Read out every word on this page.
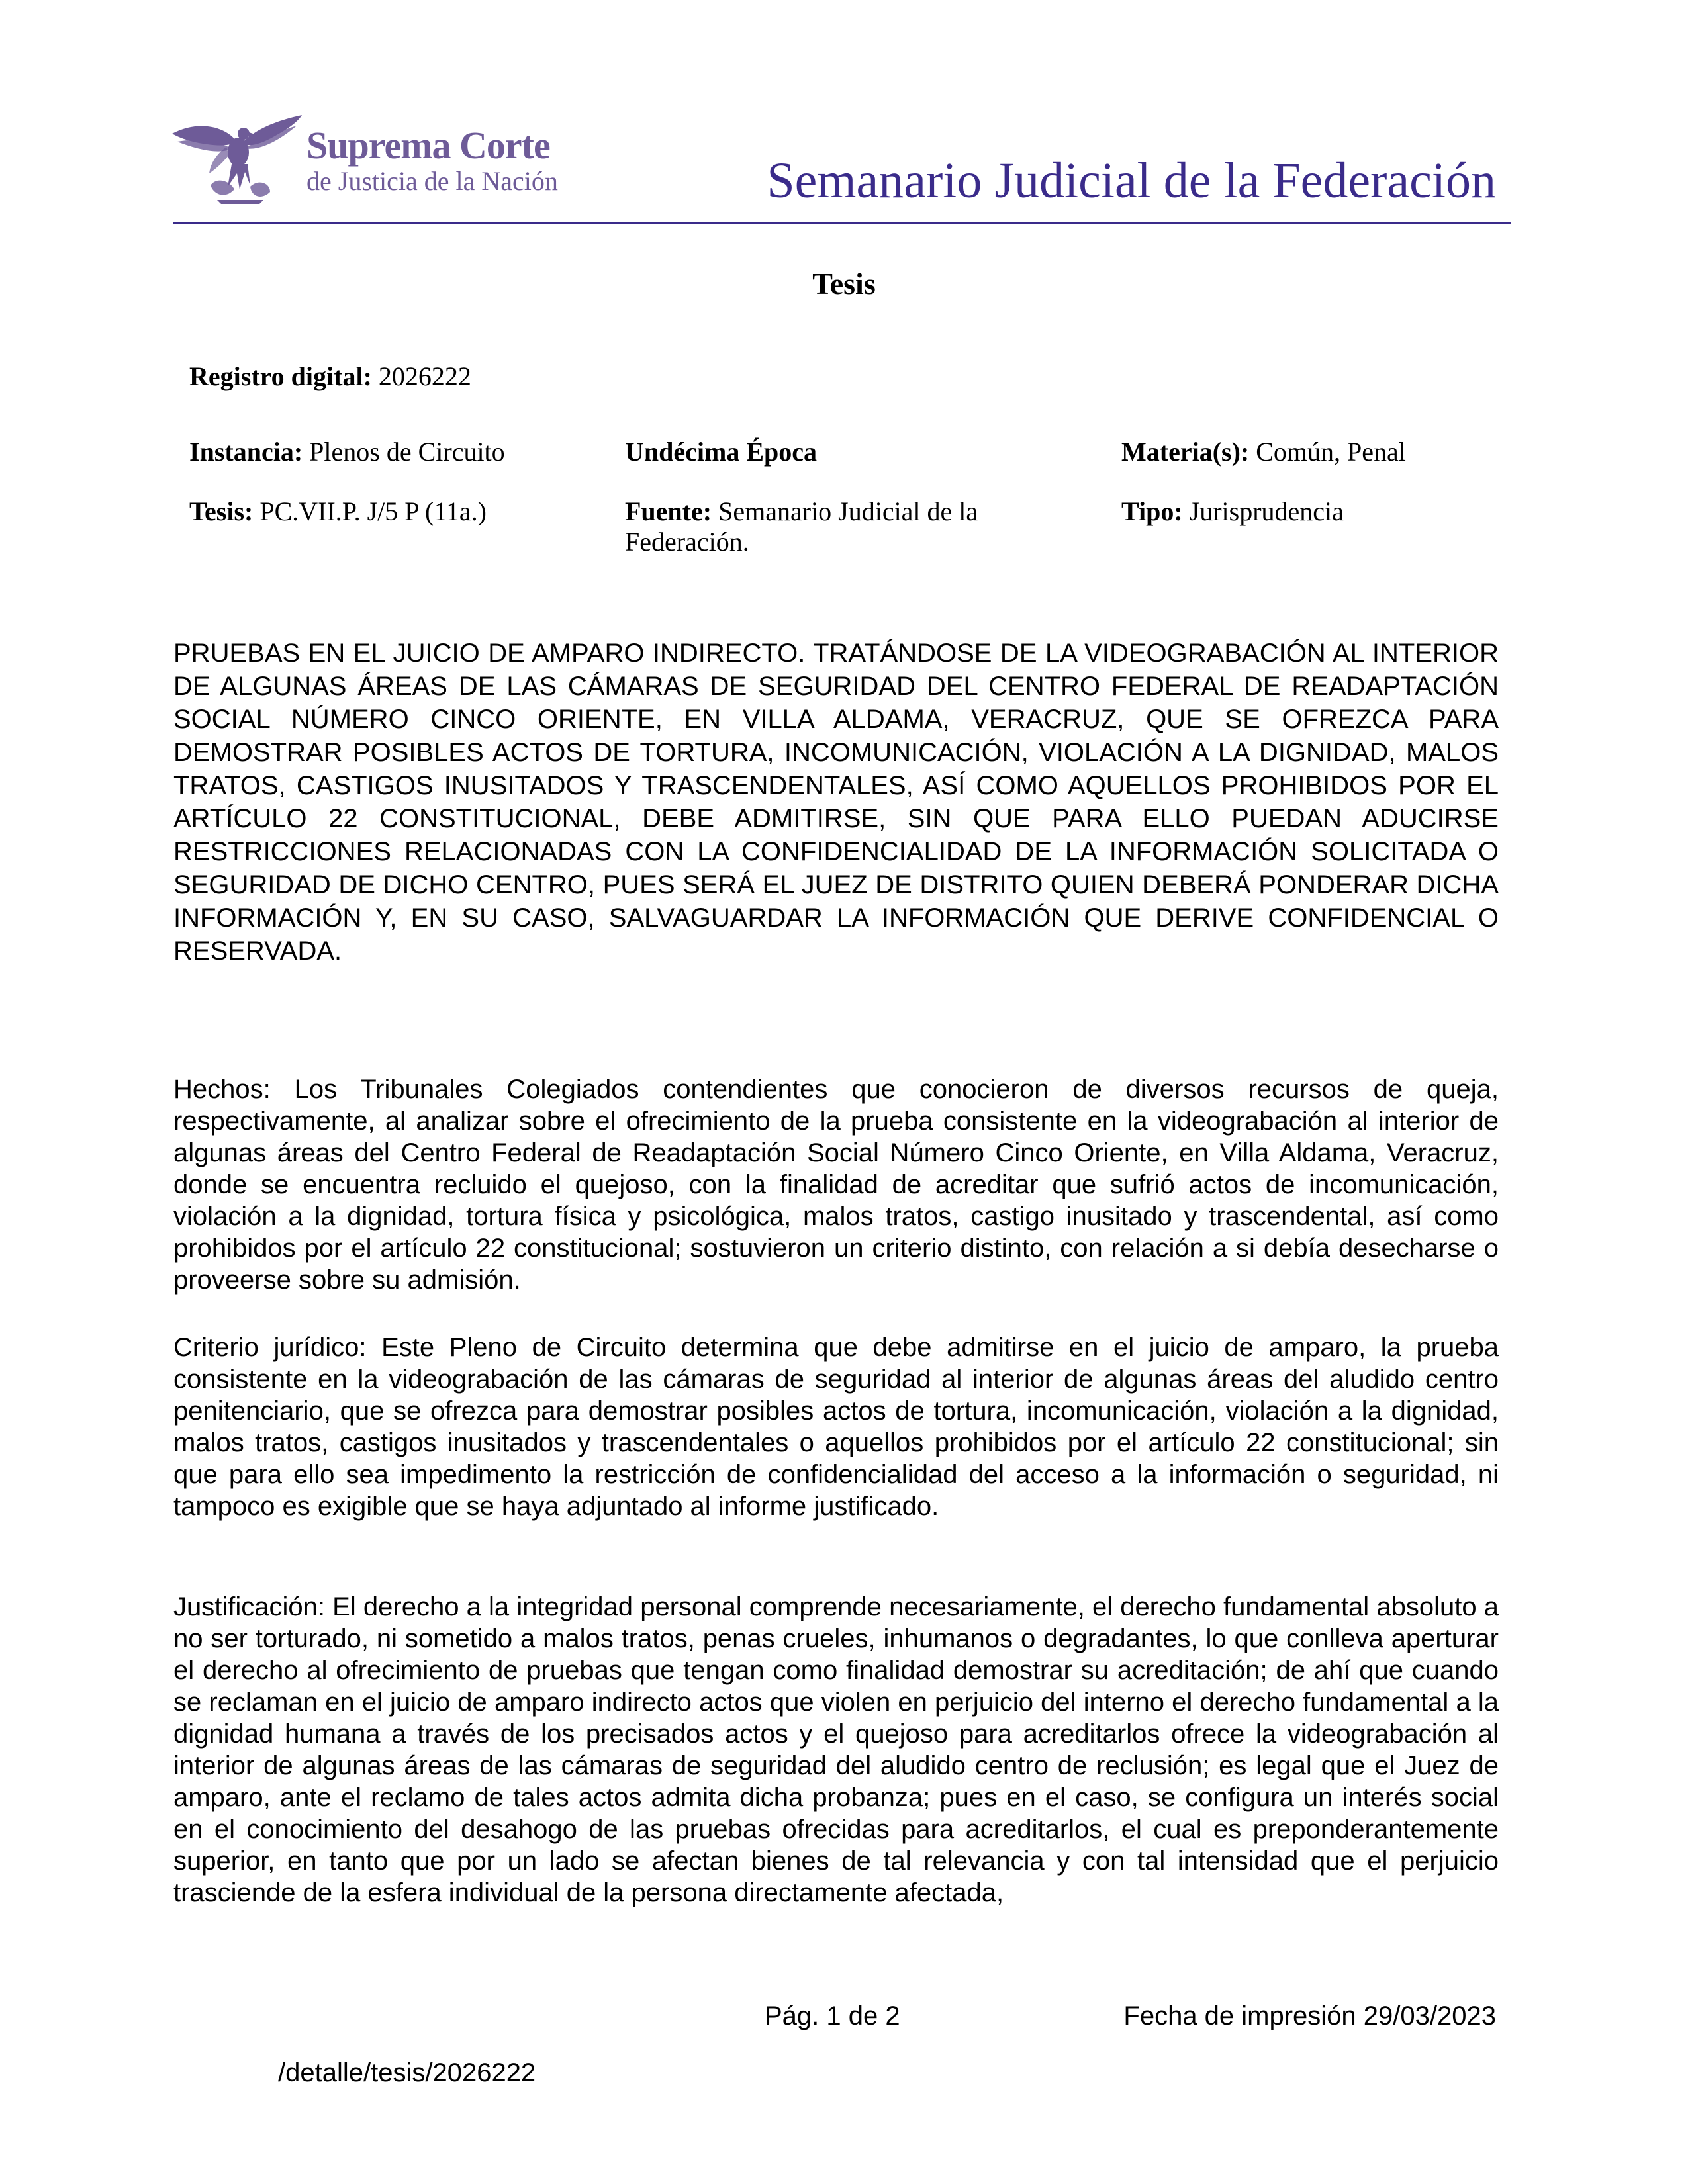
Suprema Corte
de Justicia de la Nación	Semanario Judicial de la Federación
Tesis
Registro digital: 2026222
Instancia: Plenos de Circuito	Undécima Época	Materia(s): Común, Penal
Tesis: PC.VII.P. J/5 P (11a.)	Fuente: Semanario Judicial de la Federación.
Tipo: Jurisprudencia
PRUEBAS EN EL JUICIO DE AMPARO INDIRECTO. TRATÁNDOSE DE LA VIDEOGRABACIÓN AL INTERIOR DE ALGUNAS ÁREAS DE LAS CÁMARAS DE SEGURIDAD DEL CENTRO FEDERAL DE READAPTACIÓN SOCIAL NÚMERO CINCO ORIENTE, EN VILLA ALDAMA, VERACRUZ, QUE SE OFREZCA PARA DEMOSTRAR POSIBLES ACTOS DE TORTURA, INCOMUNICACIÓN, VIOLACIÓN A LA DIGNIDAD, MALOS TRATOS, CASTIGOS INUSITADOS Y TRASCENDENTALES, ASÍ COMO AQUELLOS PROHIBIDOS POR EL ARTÍCULO 22 CONSTITUCIONAL, DEBE ADMITIRSE, SIN QUE PARA ELLO PUEDAN ADUCIRSE RESTRICCIONES RELACIONADAS CON LA CONFIDENCIALIDAD DE LA INFORMACIÓN SOLICITADA O SEGURIDAD DE DICHO CENTRO, PUES SERÁ EL JUEZ DE DISTRITO QUIEN DEBERÁ PONDERAR DICHA INFORMACIÓN Y, EN SU CASO, SALVAGUARDAR LA INFORMACIÓN QUE DERIVE CONFIDENCIAL O RESERVADA.

Hechos: Los Tribunales Colegiados contendientes que conocieron de diversos recursos de queja, respectivamente, al analizar sobre el ofrecimiento de la prueba consistente en la videograbación al interior de algunas áreas del Centro Federal de Readaptación Social Número Cinco Oriente, en Villa Aldama, Veracruz, donde se encuentra recluido el quejoso, con la finalidad de acreditar que sufrió actos de incomunicación, violación a la dignidad, tortura física y psicológica, malos tratos, castigo inusitado y trascendental, así como prohibidos por el artículo 22 constitucional; sostuvieron un criterio distinto, con relación a si debía desecharse o proveerse sobre su admisión.

Criterio jurídico: Este Pleno de Circuito determina que debe admitirse en el juicio de amparo, la prueba consistente en la videograbación de las cámaras de seguridad al interior de algunas áreas del aludido centro penitenciario, que se ofrezca para demostrar posibles actos de tortura, incomunicación, violación a la dignidad, malos tratos, castigos inusitados y trascendentales o aquellos prohibidos por el artículo 22 constitucional; sin que para ello sea impedimento la restricción de confidencialidad del acceso a la información o seguridad, ni tampoco es exigible que se haya adjuntado al informe justificado.

Justificación: El derecho a la integridad personal comprende necesariamente, el derecho fundamental absoluto a no ser torturado, ni sometido a malos tratos, penas crueles, inhumanos o degradantes, lo que conlleva aperturar el derecho al ofrecimiento de pruebas que tengan como finalidad demostrar su acreditación; de ahí que cuando se reclaman en el juicio de amparo indirecto actos que violen en perjuicio del interno el derecho fundamental a la dignidad humana a través de los precisados actos y el quejoso para acreditarlos ofrece la videograbación al interior de algunas áreas de las cámaras de seguridad del aludido centro de reclusión; es legal que el Juez de amparo, ante el reclamo de tales actos admita dicha probanza; pues en el caso, se configura un interés social en el conocimiento del desahogo de las pruebas ofrecidas para acreditarlos, el cual es preponderantemente superior, en tanto que por un lado se afectan bienes de tal relevancia y con tal intensidad que el perjuicio trasciende de la esfera individual de la persona directamente afectada,

Pág. 1 de 2	Fecha de impresión 29/03/2023
/detalle/tesis/2026222
